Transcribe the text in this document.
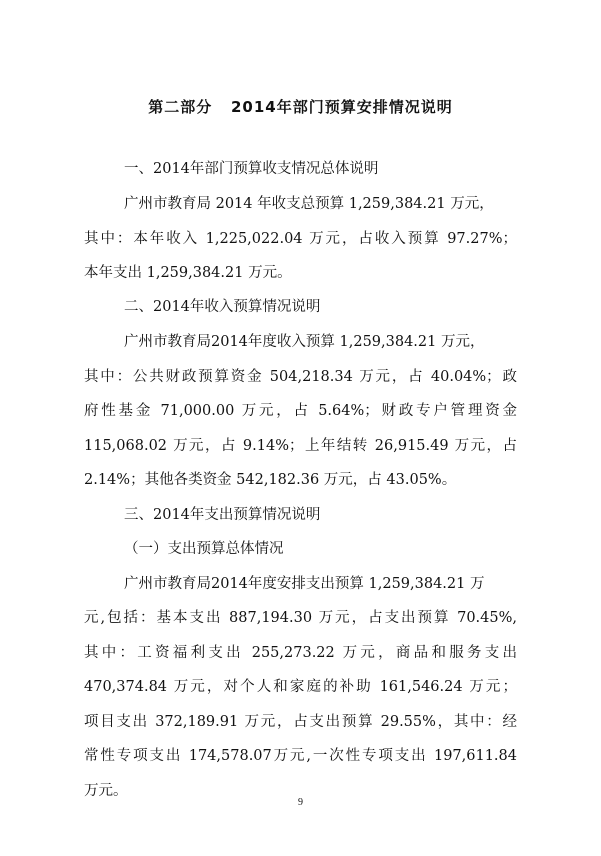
第二部分   2014年部门预算安排情况说明
一、2014年部门预算收支情况总体说明
广州市教育局 2014 年收支总预算 1,259,384.21 万元，
其中：本年收入 1,225,022.04 万元，占收入预算 97.27%；
本年支出 1,259,384.21 万元。
二、2014年收入预算情况说明
广州市教育局2014年度收入预算 1,259,384.21 万元，
其中：公共财政预算资金 504,218.34 万元，占 40.04%；政
府性基金 71,000.00 万元，占 5.64%；财政专户管理资金
115,068.02 万元，占 9.14%；上年结转 26,915.49 万元，占
2.14%；其他各类资金 542,182.36 万元，占 43.05%。
三、2014年支出预算情况说明
（一）支出预算总体情况
广州市教育局2014年度安排支出预算 1,259,384.21 万
元,包括：基本支出 887,194.30 万元，占支出预算 70.45%,
其中：工资福利支出 255,273.22 万元，商品和服务支出
470,374.84 万元，对个人和家庭的补助 161,546.24 万元；
项目支出 372,189.91 万元，占支出预算 29.55%，其中：经
常性专项支出 174,578.07万元,一次性专项支出 197,611.84
万元。
9
